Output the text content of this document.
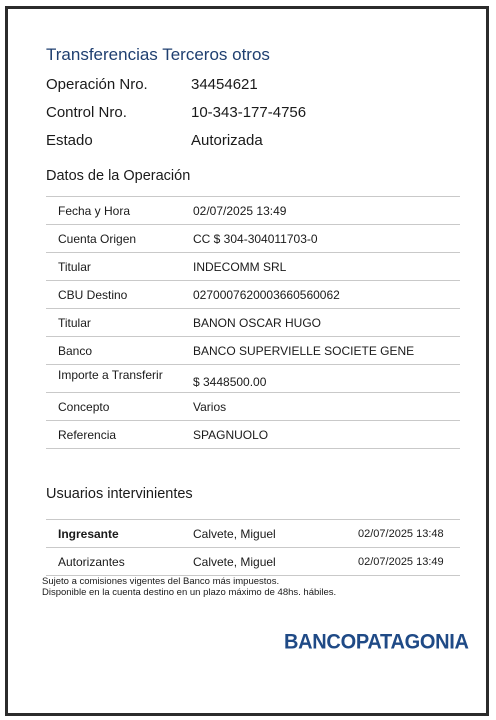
Transferencias Terceros otros
Operación Nro.	34454621
Control Nro.	10-343-177-4756
Estado	Autorizada
Datos de la Operación
Fecha y Hora	02/07/2025 13:49
Cuenta Origen	CC $ 304-304011703-0
Titular	INDECOMM SRL
CBU Destino	0270007620003660560062
Titular	BANON OSCAR HUGO
Banco	BANCO SUPERVIELLE SOCIETE GENE
Importe a Transferir	$ 3448500.00
Concepto	Varios
Referencia	SPAGNUOLO
Usuarios intervinientes
Ingresante	Calvete, Miguel	02/07/2025 13:48
Autorizantes	Calvete, Miguel	02/07/2025 13:49
Sujeto a comisiones vigentes del Banco más impuestos.
Disponible en la cuenta destino en un plazo máximo de 48hs. hábiles.
BANCOPATAGONIA
